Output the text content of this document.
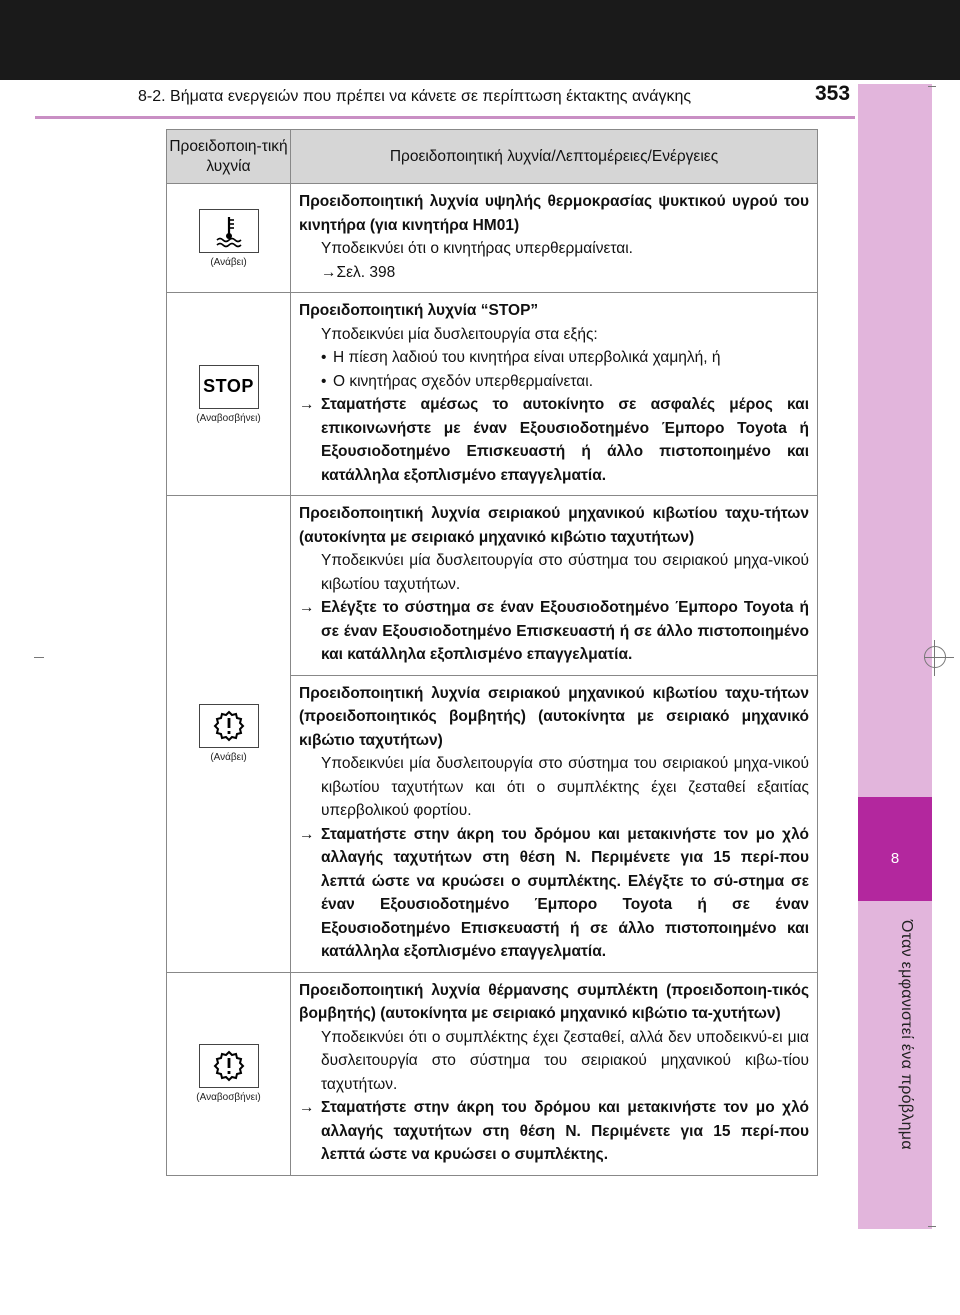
8-2. Βήματα ενεργειών που πρέπει να κάνετε σε περίπτωση έκτακτης ανάγκης	353
8
Όταν εμφανιστεί ένα πρόβλημα
Προειδοποιη-τική λυχνία	Προειδοποιητική λυχνία/Λεπτομέρειες/Ενέργειες

(Ανάβει)	Προειδοποιητική λυχνία υψηλής θερμοκρασίας ψυκτικού υγρού του κινητήρα (για κινητήρα HM01)
Υποδεικνύει ότι ο κινητήρας υπερθερμαίνεται.
→Σελ. 398

STOP
(Αναβοσβήνει)	Προειδοποιητική λυχνία “STOP”
Υποδεικνύει μία δυσλειτουργία στα εξής:
• Η πίεση λαδιού του κινητήρα είναι υπερβολικά χαμηλή, ή
• Ο κινητήρας σχεδόν υπερθερμαίνεται.
→ Σταματήστε αμέσως το αυτοκίνητο σε ασφαλές μέρος και επικοινωνήστε με έναν Εξουσιοδοτημένο Έμπορο Toyota ή Εξουσιοδοτημένο Επισκευαστή ή άλλο πιστοποιημένο και κατάλληλα εξοπλισμένο επαγγελματία.

(Ανάβει)	Προειδοποιητική λυχνία σειριακού μηχανικού κιβωτίου ταχυ-τήτων (αυτοκίνητα με σειριακό μηχανικό κιβώτιο ταχυτήτων)
Υποδεικνύει μία δυσλειτουργία στο σύστημα του σειριακού μηχα-νικού κιβωτίου ταχυτήτων.
→ Ελέγξτε το σύστημα σε έναν Εξουσιοδοτημένο Έμπορο Toyota ή σε έναν Εξουσιοδοτημένο Επισκευαστή ή σε άλλο πιστοποιημένο και κατάλληλα εξοπλισμένο επαγγελματία.

	Προειδοποιητική λυχνία σειριακού μηχανικού κιβωτίου ταχυ-τήτων (προειδοποιητικός βομβητής) (αυτοκίνητα με σειριακό μηχανικό κιβώτιο ταχυτήτων)
Υποδεικνύει μία δυσλειτουργία στο σύστημα του σειριακού μηχα-νικού κιβωτίου ταχυτήτων και ότι ο συμπλέκτης έχει ζεσταθεί εξαιτίας υπερβολικού φορτίου.
→ Σταματήστε στην άκρη του δρόμου και μετακινήστε τον μο χλό αλλαγής ταχυτήτων στη θέση N. Περιμένετε για 15 περί-που λεπτά ώστε να κρυώσει ο συμπλέκτης. Ελέγξτε το σύ-στημα σε έναν Εξουσιοδοτημένο Έμπορο Toyota ή σε έναν Εξουσιοδοτημένο Επισκευαστή ή σε άλλο πιστοποιημένο και κατάλληλα εξοπλισμένο επαγγελματία.

(Αναβοσβήνει)	Προειδοποιητική λυχνία θέρμανσης συμπλέκτη (προειδοποιη-τικός βομβητής) (αυτοκίνητα με σειριακό μηχανικό κιβώτιο τα-χυτήτων)
Υποδεικνύει ότι ο συμπλέκτης έχει ζεσταθεί, αλλά δεν υποδεικνύ-ει μια δυσλειτουργία στο σύστημα του σειριακού μηχανικού κιβω-τίου ταχυτήτων.
→ Σταματήστε στην άκρη του δρόμου και μετακινήστε τον μο χλό αλλαγής ταχυτήτων στη θέση N. Περιμένετε για 15 περί-που λεπτά ώστε να κρυώσει ο συμπλέκτης.
